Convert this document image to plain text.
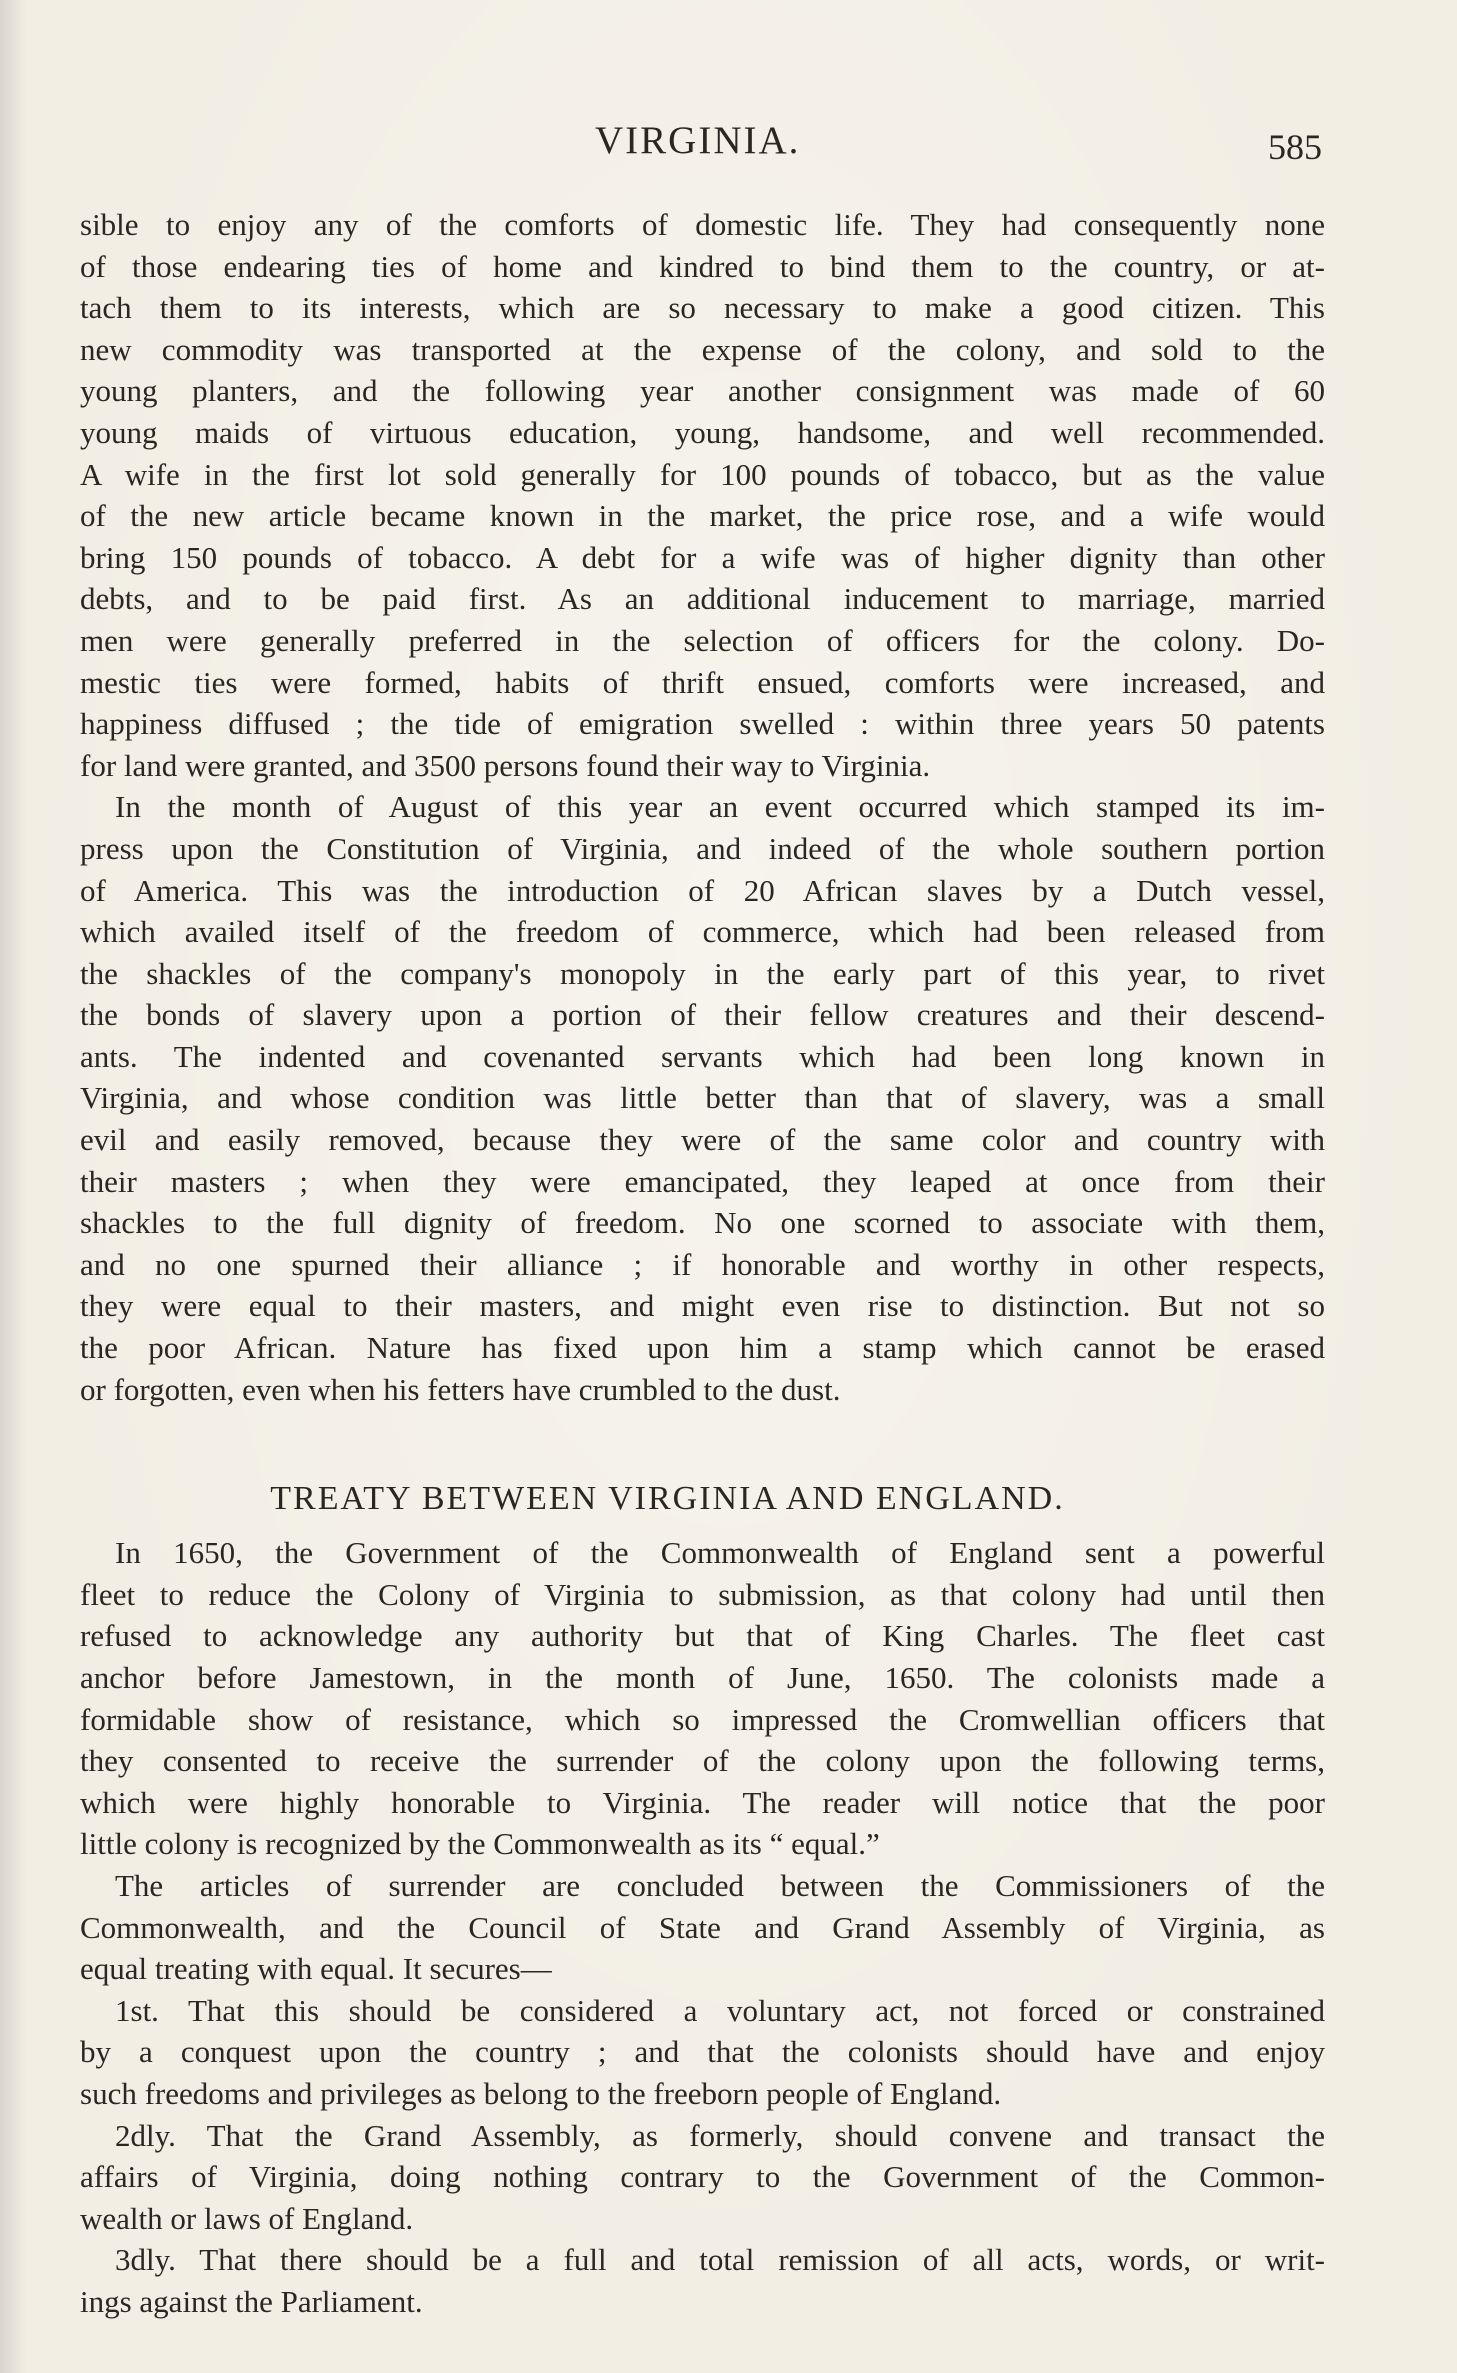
VIRGINIA.	585
sible to enjoy any of the comforts of domestic life. They had consequently none
of those endearing ties of home and kindred to bind them to the country, or at-
tach them to its interests, which are so necessary to make a good citizen. This
new commodity was transported at the expense of the colony, and sold to the
young planters, and the following year another consignment was made of 60
young maids of virtuous education, young, handsome, and well recommended.
A wife in the first lot sold generally for 100 pounds of tobacco, but as the value
of the new article became known in the market, the price rose, and a wife would
bring 150 pounds of tobacco. A debt for a wife was of higher dignity than other
debts, and to be paid first. As an additional inducement to marriage, married
men were generally preferred in the selection of officers for the colony. Do-
mestic ties were formed, habits of thrift ensued, comforts were increased, and
happiness diffused ; the tide of emigration swelled : within three years 50 patents
for land were granted, and 3500 persons found their way to Virginia.
In the month of August of this year an event occurred which stamped its im-
press upon the Constitution of Virginia, and indeed of the whole southern portion
of America. This was the introduction of 20 African slaves by a Dutch vessel,
which availed itself of the freedom of commerce, which had been released from
the shackles of the company's monopoly in the early part of this year, to rivet
the bonds of slavery upon a portion of their fellow creatures and their descend-
ants. The indented and covenanted servants which had been long known in
Virginia, and whose condition was little better than that of slavery, was a small
evil and easily removed, because they were of the same color and country with
their masters ; when they were emancipated, they leaped at once from their
shackles to the full dignity of freedom. No one scorned to associate with them,
and no one spurned their alliance ; if honorable and worthy in other respects,
they were equal to their masters, and might even rise to distinction. But not so
the poor African. Nature has fixed upon him a stamp which cannot be erased
or forgotten, even when his fetters have crumbled to the dust.
TREATY BETWEEN VIRGINIA AND ENGLAND.
In 1650, the Government of the Commonwealth of England sent a powerful
fleet to reduce the Colony of Virginia to submission, as that colony had until then
refused to acknowledge any authority but that of King Charles. The fleet cast
anchor before Jamestown, in the month of June, 1650. The colonists made a
formidable show of resistance, which so impressed the Cromwellian officers that
they consented to receive the surrender of the colony upon the following terms,
which were highly honorable to Virginia. The reader will notice that the poor
little colony is recognized by the Commonwealth as its “ equal.”
The articles of surrender are concluded between the Commissioners of the
Commonwealth, and the Council of State and Grand Assembly of Virginia, as
equal treating with equal. It secures—
1st. That this should be considered a voluntary act, not forced or constrained
by a conquest upon the country ; and that the colonists should have and enjoy
such freedoms and privileges as belong to the freeborn people of England.
2dly. That the Grand Assembly, as formerly, should convene and transact the
affairs of Virginia, doing nothing contrary to the Government of the Common-
wealth or laws of England.
3dly. That there should be a full and total remission of all acts, words, or writ-
ings against the Parliament.
